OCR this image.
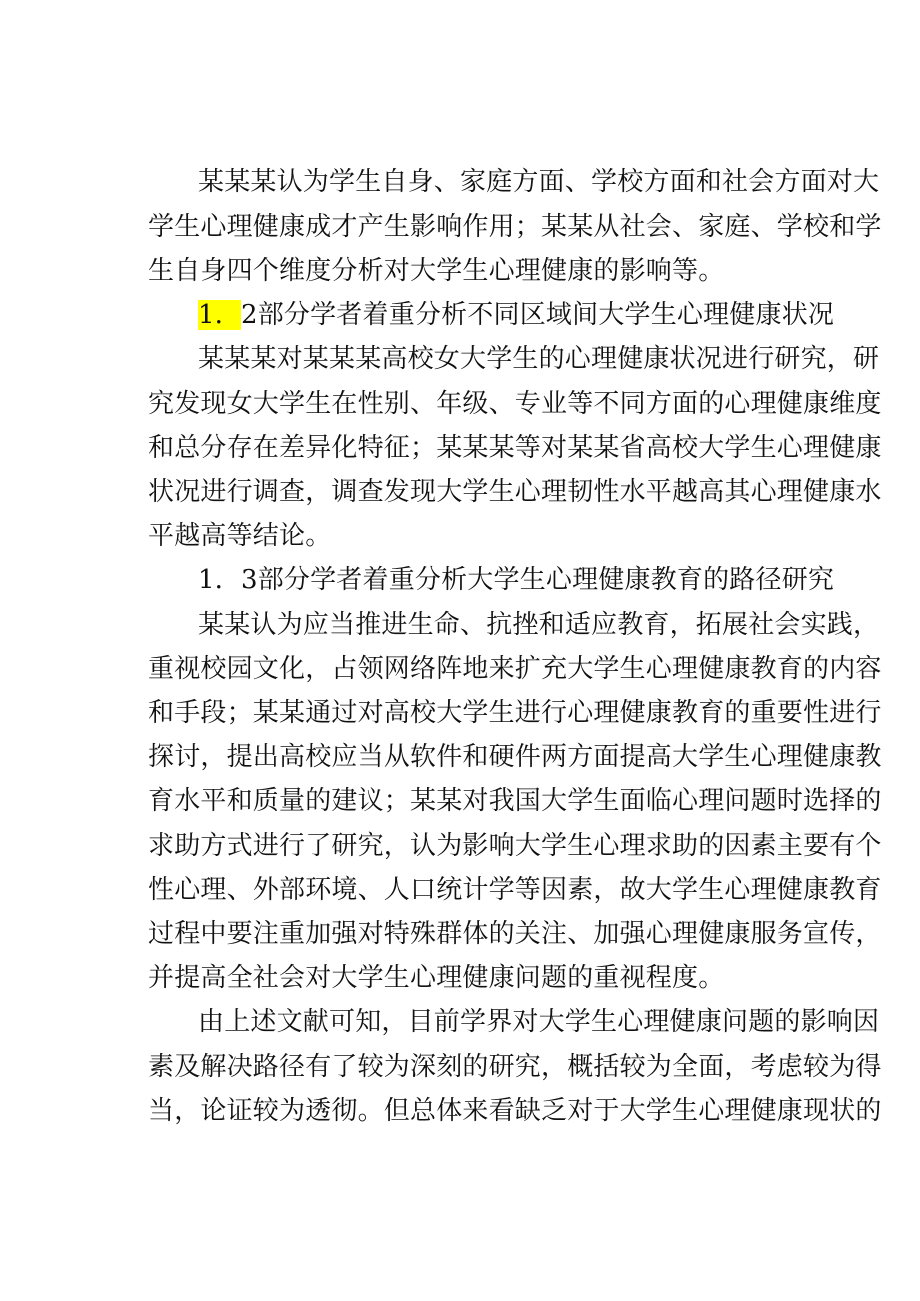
某某某认为学生自身、家庭方面、学校方面和社会方面对大
学生心理健康成才产生影响作用；某某从社会、家庭、学校和学
生自身四个维度分析对大学生心理健康的影响等。
1．2部分学者着重分析不同区域间大学生心理健康状况
某某某对某某某高校女大学生的心理健康状况进行研究，研
究发现女大学生在性别、年级、专业等不同方面的心理健康维度
和总分存在差异化特征；某某某等对某某省高校大学生心理健康
状况进行调查，调查发现大学生心理韧性水平越高其心理健康水
平越高等结论。
1．3部分学者着重分析大学生心理健康教育的路径研究
某某认为应当推进生命、抗挫和适应教育，拓展社会实践，
重视校园文化，占领网络阵地来扩充大学生心理健康教育的内容
和手段；某某通过对高校大学生进行心理健康教育的重要性进行
探讨，提出高校应当从软件和硬件两方面提高大学生心理健康教
育水平和质量的建议；某某对我国大学生面临心理问题时选择的
求助方式进行了研究，认为影响大学生心理求助的因素主要有个
性心理、外部环境、人口统计学等因素，故大学生心理健康教育
过程中要注重加强对特殊群体的关注、加强心理健康服务宣传，
并提高全社会对大学生心理健康问题的重视程度。
由上述文献可知，目前学界对大学生心理健康问题的影响因
素及解决路径有了较为深刻的研究，概括较为全面，考虑较为得
当，论证较为透彻。但总体来看缺乏对于大学生心理健康现状的
